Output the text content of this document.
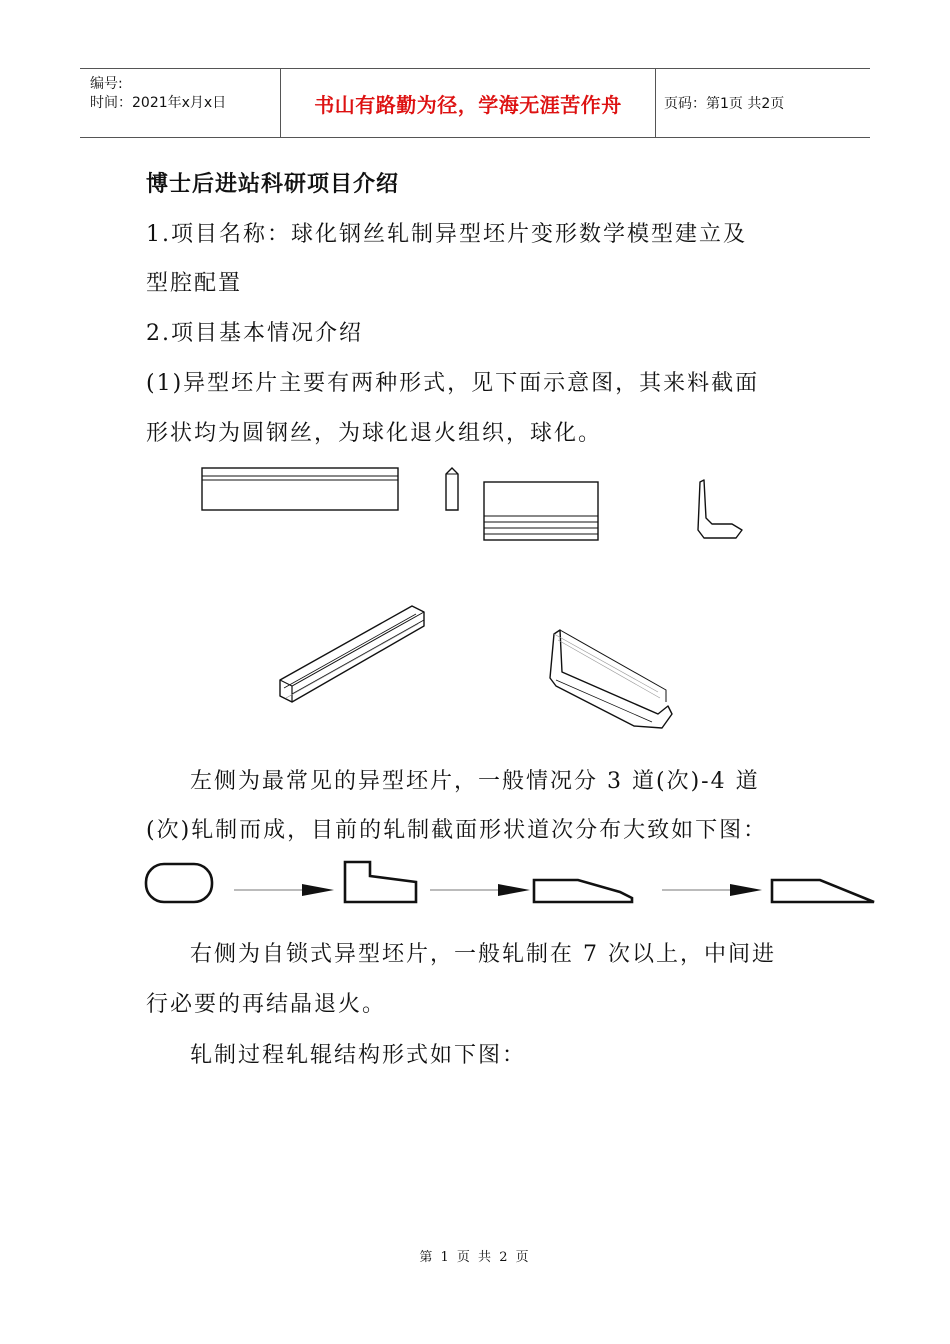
编号:
时间：2021年x月x日	书山有路勤为径，学海无涯苦作舟	页码：第1页 共2页
博士后进站科研项目介绍
1.项目名称：球化钢丝轧制异型坯片变形数学模型建立及
型腔配置
2.项目基本情况介绍
(1)异型坯片主要有两种形式，见下面示意图，其来料截面
形状均为圆钢丝，为球化退火组织，球化。
左侧为最常见的异型坯片，一般情况分 3 道(次)-4 道
(次)轧制而成，目前的轧制截面形状道次分布大致如下图：
右侧为自锁式异型坯片，一般轧制在 7 次以上，中间进
行必要的再结晶退火。
轧制过程轧辊结构形式如下图：
第 1 页 共 2 页
